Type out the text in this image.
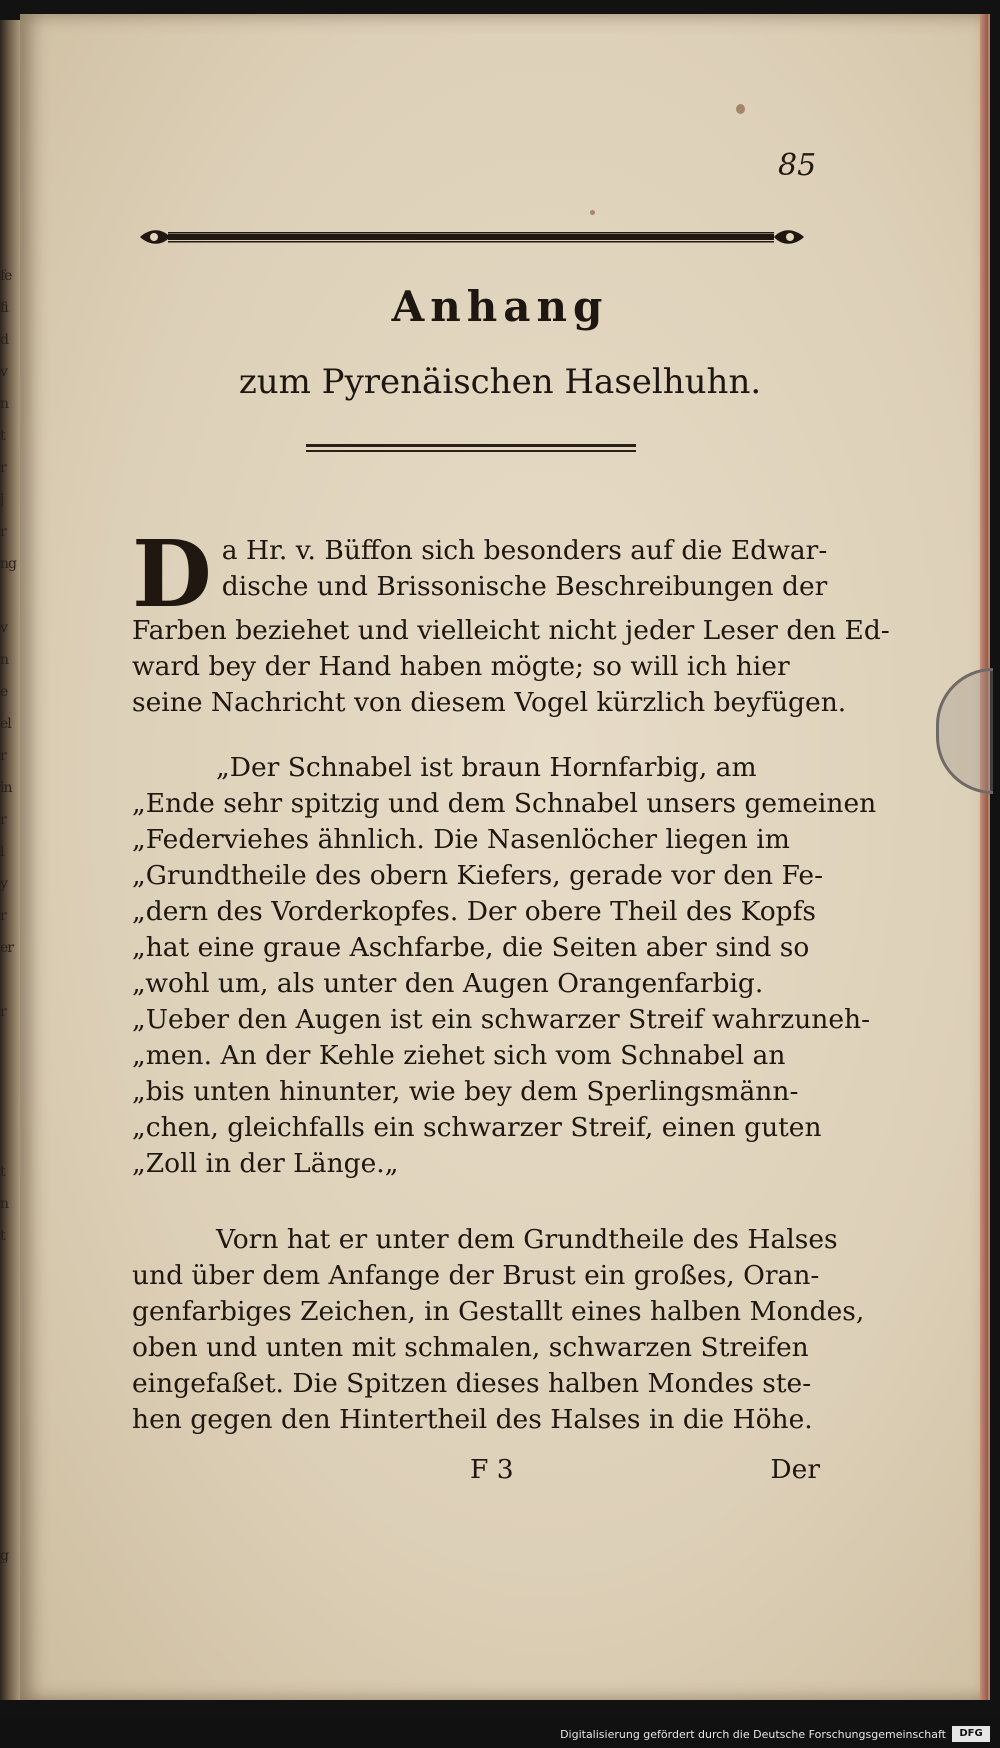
fe
fi
d
v
n
t
r
j
r
ng

v
n
e
el
r
in
r
l
y
r
er

r

t
n
t

g
85
Anhang
zum Pyrenäischen Haselhuhn.
D a Hr. v. Büffon sich besonders auf die Edwar-
dische und Brissonische Beschreibungen der
Farben beziehet und vielleicht nicht jeder Leser den Ed-
ward bey der Hand haben mögte; so will ich hier
seine Nachricht von diesem Vogel kürzlich beyfügen.
„Der Schnabel ist braun Hornfarbig, am
„Ende sehr spitzig und dem Schnabel unsers gemeinen
„Federviehes ähnlich. Die Nasenlöcher liegen im
„Grundtheile des obern Kiefers, gerade vor den Fe-
„dern des Vorderkopfes. Der obere Theil des Kopfs
„hat eine graue Aschfarbe, die Seiten aber sind so
„wohl um, als unter den Augen Orangenfarbig.
„Ueber den Augen ist ein schwarzer Streif wahrzuneh-
„men. An der Kehle ziehet sich vom Schnabel an
„bis unten hinunter, wie bey dem Sperlingsmänn-
„chen, gleichfalls ein schwarzer Streif, einen guten
„Zoll in der Länge.„
Vorn hat er unter dem Grundtheile des Halses
und über dem Anfange der Brust ein großes, Oran-
genfarbiges Zeichen, in Gestallt eines halben Mondes,
oben und unten mit schmalen, schwarzen Streifen
eingefaßet. Die Spitzen dieses halben Mondes ste-
hen gegen den Hintertheil des Halses in die Höhe.
F 3	Der
Digitalisierung gefördert durch die Deutsche Forschungsgemeinschaft	DFG
